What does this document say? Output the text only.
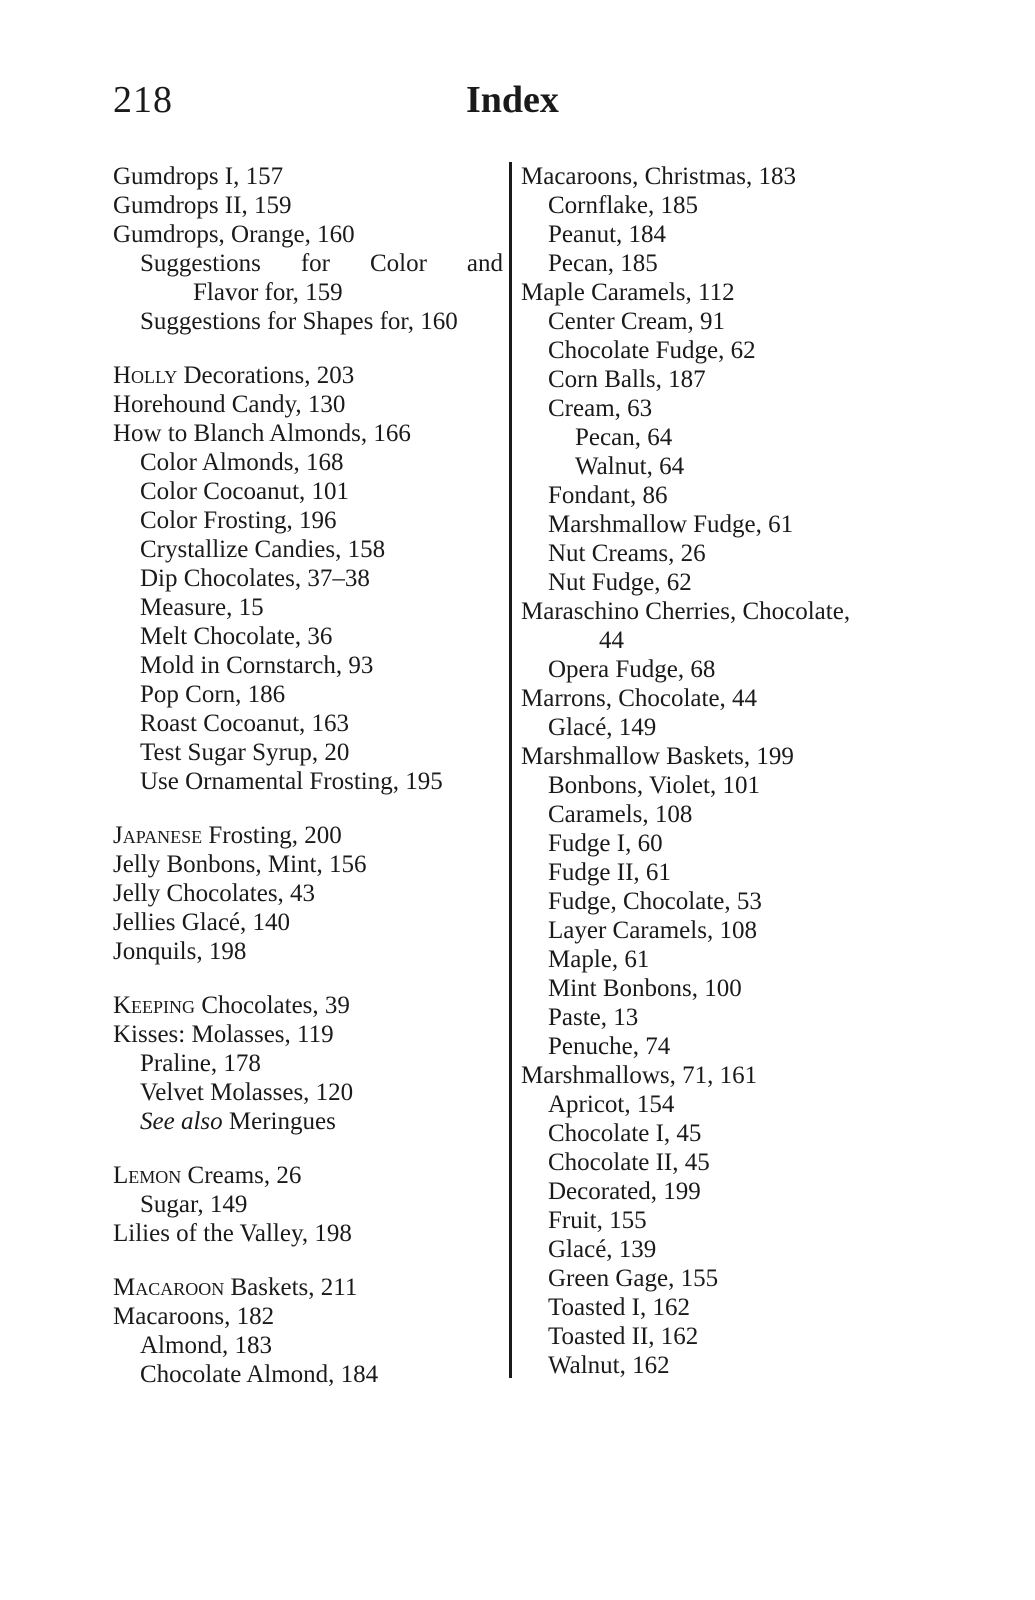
218	Index
Gumdrops I, 157
Gumdrops II, 159
Gumdrops, Orange, 160
Suggestions for Color and
Flavor for, 159
Suggestions for Shapes for, 160
Holly Decorations, 203
Horehound Candy, 130
How to Blanch Almonds, 166
Color Almonds, 168
Color Cocoanut, 101
Color Frosting, 196
Crystallize Candies, 158
Dip Chocolates, 37–38
Measure, 15
Melt Chocolate, 36
Mold in Cornstarch, 93
Pop Corn, 186
Roast Cocoanut, 163
Test Sugar Syrup, 20
Use Ornamental Frosting, 195
Japanese Frosting, 200
Jelly Bonbons, Mint, 156
Jelly Chocolates, 43
Jellies Glacé, 140
Jonquils, 198
Keeping Chocolates, 39
Kisses: Molasses, 119
Praline, 178
Velvet Molasses, 120
See also Meringues
Lemon Creams, 26
Sugar, 149
Lilies of the Valley, 198
Macaroon Baskets, 211
Macaroons, 182
Almond, 183
Chocolate Almond, 184
Macaroons, Christmas, 183
Cornflake, 185
Peanut, 184
Pecan, 185
Maple Caramels, 112
Center Cream, 91
Chocolate Fudge, 62
Corn Balls, 187
Cream, 63
Pecan, 64
Walnut, 64
Fondant, 86
Marshmallow Fudge, 61
Nut Creams, 26
Nut Fudge, 62
Maraschino Cherries, Chocolate,
44
Opera Fudge, 68
Marrons, Chocolate, 44
Glacé, 149
Marshmallow Baskets, 199
Bonbons, Violet, 101
Caramels, 108
Fudge I, 60
Fudge II, 61
Fudge, Chocolate, 53
Layer Caramels, 108
Maple, 61
Mint Bonbons, 100
Paste, 13
Penuche, 74
Marshmallows, 71, 161
Apricot, 154
Chocolate I, 45
Chocolate II, 45
Decorated, 199
Fruit, 155
Glacé, 139
Green Gage, 155
Toasted I, 162
Toasted II, 162
Walnut, 162
